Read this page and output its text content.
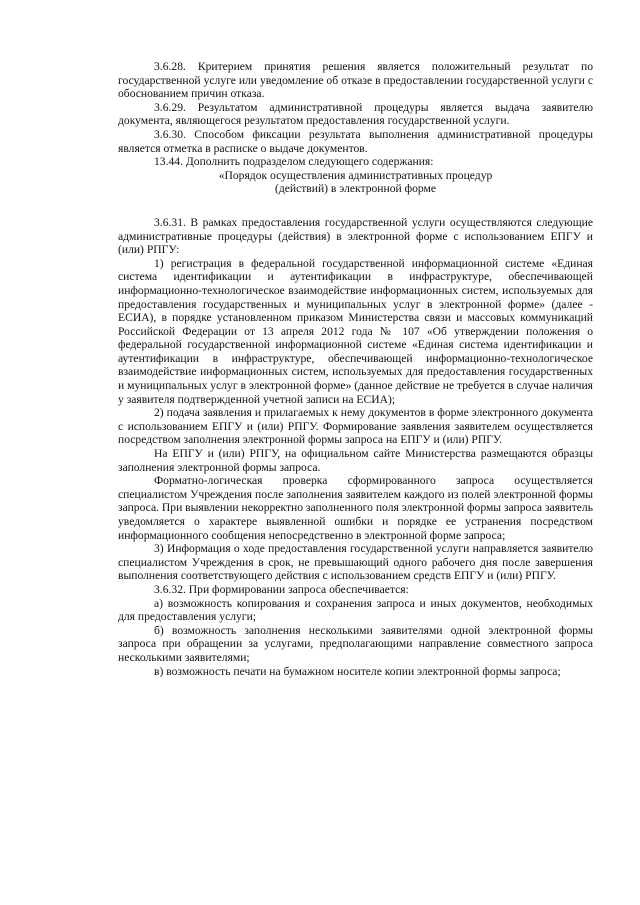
3.6.28. Критерием принятия решения является положительный результат по государственной услуге или уведомление об отказе в предоставлении государственной услуги с обоснованием причин отказа.

3.6.29. Результатом административной процедуры является выдача заявителю документа, являющегося результатом предоставления государственной услуги.

3.6.30. Способом фиксации результата выполнения административной процедуры является отметка в расписке о выдаче документов.

13.44. Дополнить подразделом следующего содержания:

«Порядок осуществления административных процедур

(действий) в электронной форме

3.6.31. В рамках предоставления государственной услуги осуществляются следующие административные процедуры (действия) в электронной форме с использованием ЕПГУ и (или) РПГУ:

1) регистрация в федеральной государственной информационной системе «Единая система идентификации и аутентификации в инфраструктуре, обеспечивающей информационно-технологическое взаимодействие информационных систем, используемых для предоставления государственных и муниципальных услуг в электронной форме» (далее - ЕСИА), в порядке установленном приказом Министерства связи и массовых коммуникаций Российской Федерации от 13 апреля 2012 года № 107 «Об утверждении положения о федеральной государственной информационной системе «Единая система идентификации и аутентификации в инфраструктуре, обеспечивающей информационно-технологическое взаимодействие информационных систем, используемых для предоставления государственных и муниципальных услуг в электронной форме» (данное действие не требуется в случае наличия у заявителя подтвержденной учетной записи на ЕСИА);

2) подача заявления и прилагаемых к нему документов в форме электронного документа с использованием ЕПГУ и (или) РПГУ. Формирование заявления заявителем осуществляется посредством заполнения электронной формы запроса на ЕПГУ и (или) РПГУ.

На ЕПГУ и (или) РПГУ, на официальном сайте Министерства размещаются образцы заполнения электронной формы запроса.

Форматно-логическая проверка сформированного запроса осуществляется специалистом Учреждения после заполнения заявителем каждого из полей электронной формы запроса. При выявлении некорректно заполненного поля электронной формы запроса заявитель уведомляется о характере выявленной ошибки и порядке ее устранения посредством информационного сообщения непосредственно в электронной форме запроса;

3) Информация о ходе предоставления государственной услуги направляется заявителю специалистом Учреждения в срок, не превышающий одного рабочего дня после завершения выполнения соответствующего действия с использованием средств ЕПГУ и (или) РПГУ.

3.6.32. При формировании запроса обеспечивается:

а) возможность копирования и сохранения запроса и иных документов, необходимых для предоставления услуги;

б) возможность заполнения несколькими заявителями одной электронной формы запроса при обращении за услугами, предполагающими направление совместного запроса несколькими заявителями;

в) возможность печати на бумажном носителе копии электронной формы запроса;
